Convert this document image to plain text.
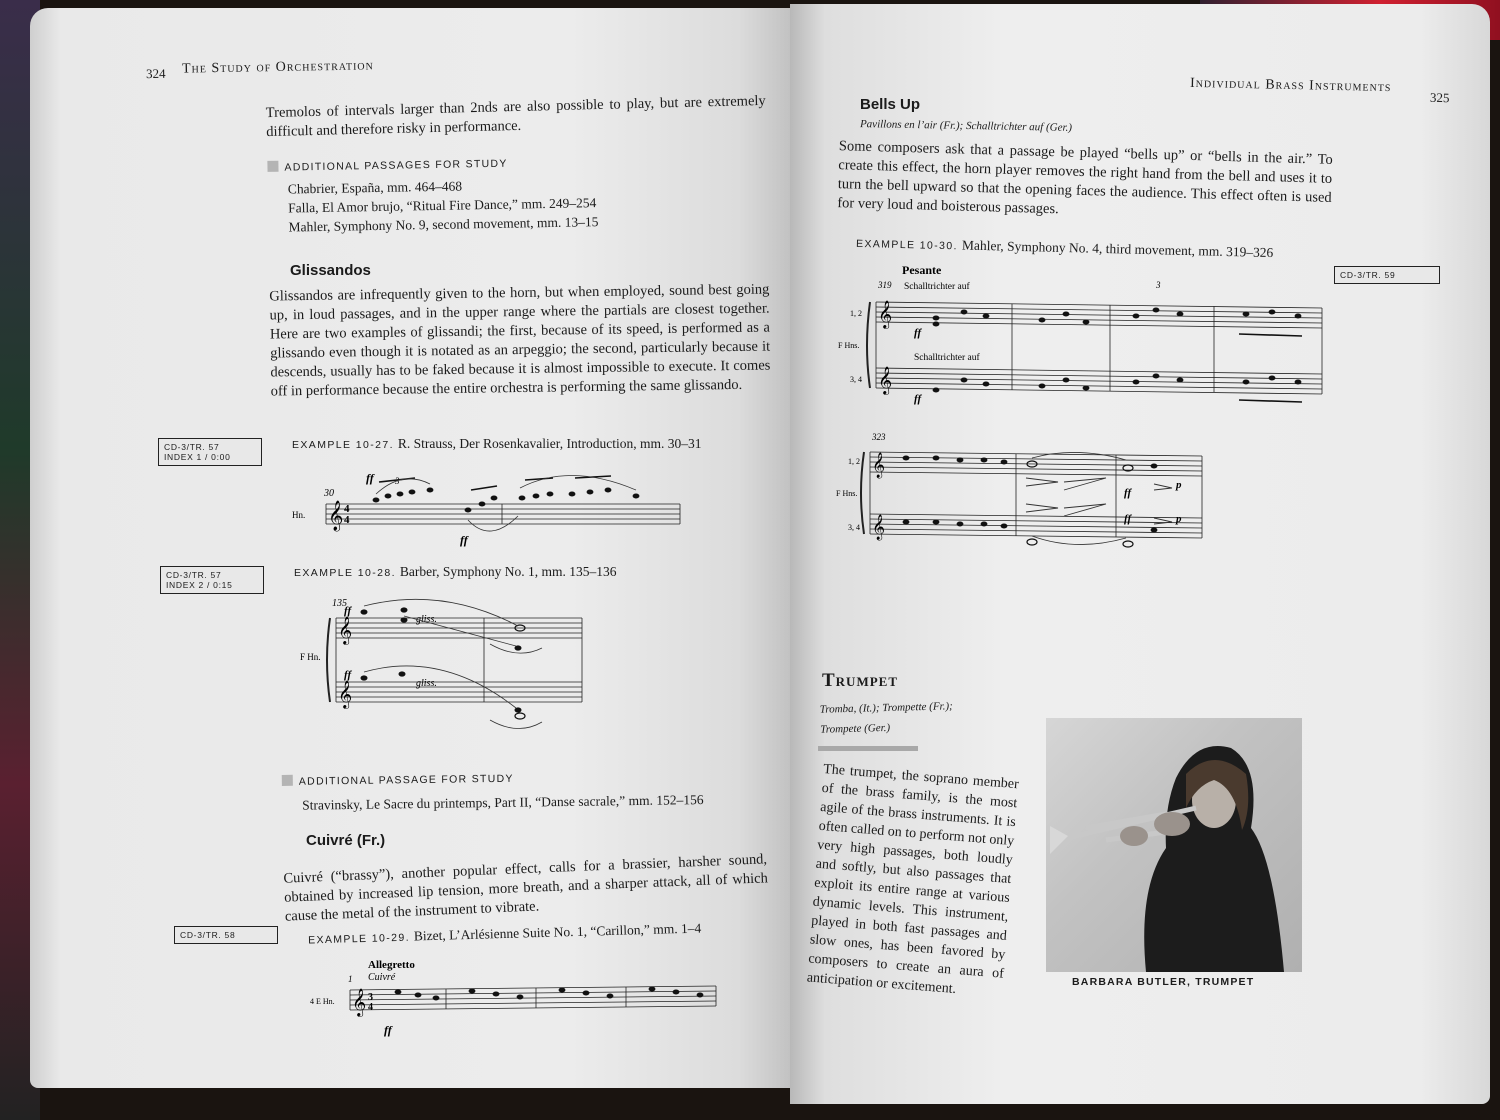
324 The Study of Orchestration
Tremolos of intervals larger than 2nds are also possible to play, but are extremely difficult and therefore risky in performance.
ADDITIONAL PASSAGES FOR STUDY
Chabrier, España, mm. 464–468
Falla, El Amor brujo, “Ritual Fire Dance,” mm. 249–254
Mahler, Symphony No. 9, second movement, mm. 13–15
Glissandos
Glissandos are infrequently given to the horn, but when employed, sound best going up, in loud passages, and in the upper range where the partials are closest together. Here are two examples of glissandi; the first, because of its speed, is performed as a glissando even though it is notated as an arpeggio; the second, particularly because it descends, usually has to be faked because it is almost impossible to execute. It comes off in performance because the entire orchestra is performing the same glissando.
CD-3/TR. 57
INDEX 1 / 0:00
EXAMPLE 10-27. R. Strauss, Der Rosenkavalier, Introduction, mm. 30–31
30
Hn. 𝄞 4
4
ff
ff
3
CD-3/TR. 57
INDEX 2 / 0:15
EXAMPLE 10-28. Barber, Symphony No. 1, mm. 135–136
135
F Hn.
𝄞
𝄞
ff
ff
gliss.
gliss.
ADDITIONAL PASSAGE FOR STUDY
Stravinsky, Le Sacre du printemps, Part II, “Danse sacrale,” mm. 152–156
Cuivré (Fr.)
Cuivré (“brassy”), another popular effect, calls for a brassier, harsher sound, obtained by increased lip tension, more breath, and a sharper attack, all of which cause the metal of the instrument to vibrate.
CD-3/TR. 58	EXAMPLE 10-29. Bizet, L’Arlésienne Suite No. 1, “Carillon,” mm. 1–4
Allegretto
Cuivré
1
4 E Hn. 𝄞 3
4
ff
Individual Brass Instruments
325
Bells Up
Pavillons en l’air (Fr.); Schalltrichter auf (Ger.)
Some composers ask that a passage be played “bells up” or “bells in the air.” To create this effect, the horn player removes the right hand from the bell and uses it to turn the bell upward so that the opening faces the audience. This effect often is used for very loud and boisterous passages.
EXAMPLE 10-30. Mahler, Symphony No. 4, third movement, mm. 319–326
CD-3/TR. 59
Pesante
319 Schalltrichter auf
Schalltrichter auf
1, 2
F Hns.
3, 4
3
𝄞
𝄞
ff
ff
323
1, 2
F Hns.
3, 4
𝄞
𝄞
ff
ff
p
p
Trumpet
Tromba, (It.); Trompette (Fr.);
Trompete (Ger.)
The trumpet, the soprano member of the brass family, is the most agile of the brass instruments. It is often called on to perform not only very high passages, both loudly and softly, but also passages that exploit its entire range at various dynamic levels. This instrument, played in both fast passages and slow ones, has been favored by composers to create an aura of anticipation or excitement.	BARBARA BUTLER, TRUMPET
